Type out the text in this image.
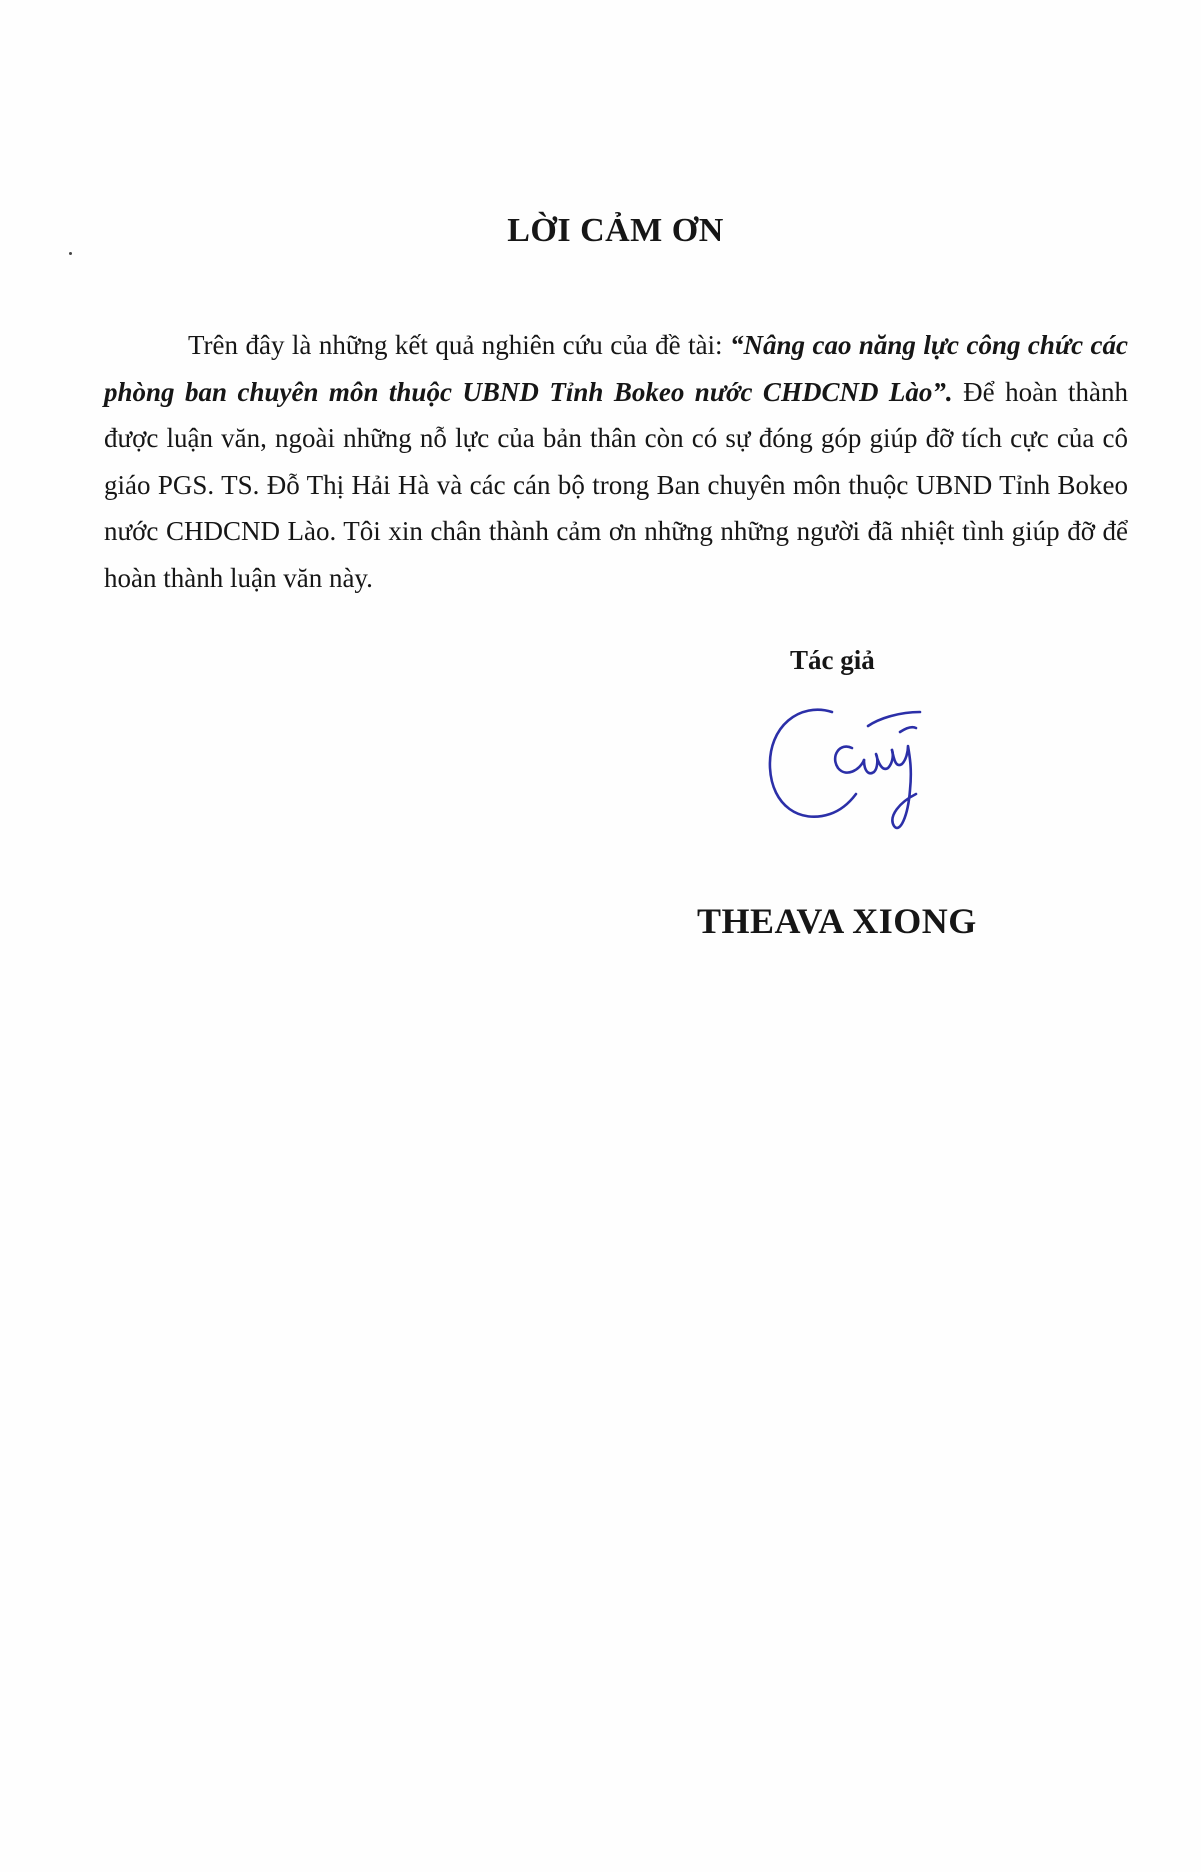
LỜI CẢM ƠN

Trên đây là những kết quả nghiên cứu của đề tài: “Nâng cao năng lực công chức các phòng ban chuyên môn thuộc UBND Tỉnh Bokeo nước CHDCND Lào”. Để hoàn thành được luận văn, ngoài những nỗ lực của bản thân còn có sự đóng góp giúp đỡ tích cực của cô giáo PGS. TS. Đỗ Thị Hải Hà và các cán bộ trong Ban chuyên môn thuộc UBND Tỉnh Bokeo nước CHDCND Lào. Tôi xin chân thành cảm ơn những những người đã nhiệt tình giúp đỡ để hoàn thành luận văn này.

Tác giả
THEAVA XIONG
